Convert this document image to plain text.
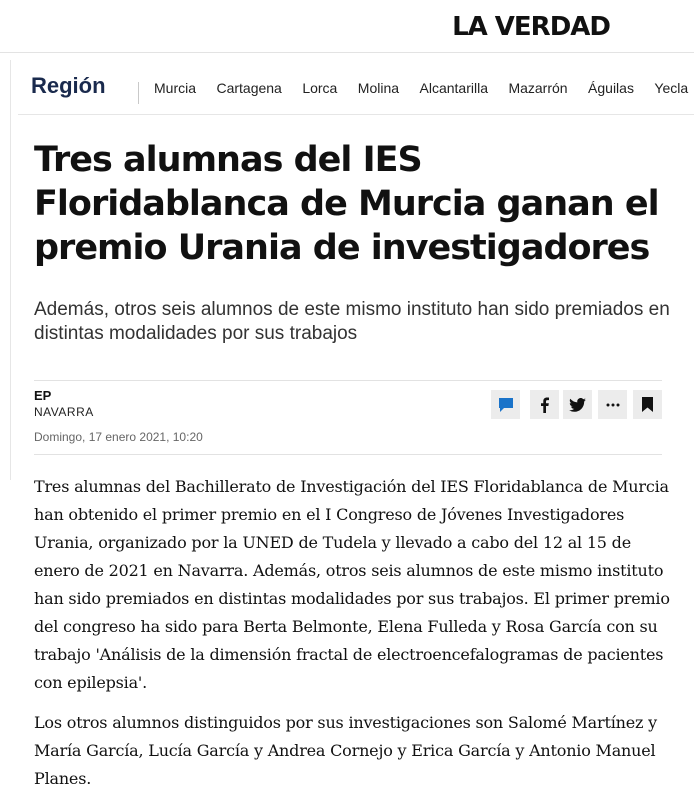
LA VERDAD
Región	Murcia Cartagena Lorca Molina Alcantarilla Mazarrón Águilas Yecla
Tres alumnas del IES Floridablanca de Murcia ganan el premio Urania de investigadores
Además, otros seis alumnos de este mismo instituto han sido premiados en distintas modalidades por sus trabajos
EP
NAVARRA
Domingo, 17 enero 2021, 10:20

Tres alumnas del Bachillerato de Investigación del IES Floridablanca de Murcia han obtenido el primer premio en el I Congreso de Jóvenes Investigadores Urania, organizado por la UNED de Tudela y llevado a cabo del 12 al 15 de enero de 2021 en Navarra. Además, otros seis alumnos de este mismo instituto han sido premiados en distintas modalidades por sus trabajos. El primer premio del congreso ha sido para Berta Belmonte, Elena Fulleda y Rosa García con su trabajo 'Análisis de la dimensión fractal de electroencefalogramas de pacientes con epilepsia'.

Los otros alumnos distinguidos por sus investigaciones son Salomé Martínez y María García, Lucía García y Andrea Cornejo y Erica García y Antonio Manuel Planes.
